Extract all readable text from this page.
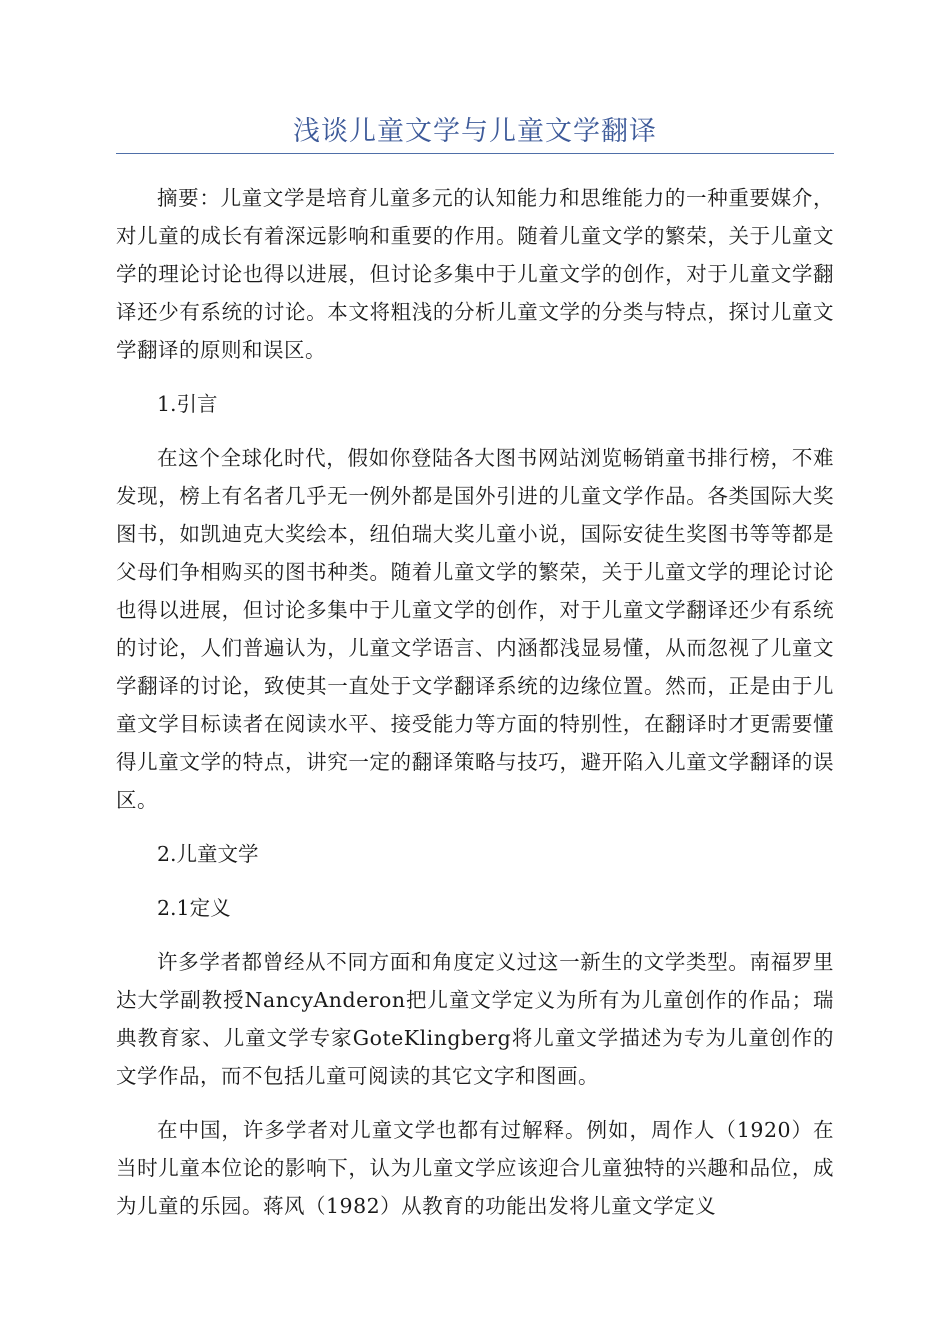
浅谈儿童文学与儿童文学翻译

摘要：儿童文学是培育儿童多元的认知能力和思维能力的一种重要媒介，对儿童的成长有着深远影响和重要的作用。随着儿童文学的繁荣，关于儿童文学的理论讨论也得以进展，但讨论多集中于儿童文学的创作，对于儿童文学翻译还少有系统的讨论。本文将粗浅的分析儿童文学的分类与特点，探讨儿童文学翻译的原则和误区。

1.引言

在这个全球化时代，假如你登陆各大图书网站浏览畅销童书排行榜，不难发现，榜上有名者几乎无一例外都是国外引进的儿童文学作品。各类国际大奖图书，如凯迪克大奖绘本，纽伯瑞大奖儿童小说，国际安徒生奖图书等等都是父母们争相购买的图书种类。随着儿童文学的繁荣，关于儿童文学的理论讨论也得以进展，但讨论多集中于儿童文学的创作，对于儿童文学翻译还少有系统的讨论，人们普遍认为，儿童文学语言、内涵都浅显易懂，从而忽视了儿童文学翻译的讨论，致使其一直处于文学翻译系统的边缘位置。然而，正是由于儿童文学目标读者在阅读水平、接受能力等方面的特别性，在翻译时才更需要懂得儿童文学的特点，讲究一定的翻译策略与技巧，避开陷入儿童文学翻译的误区。

2.儿童文学

2.1定义

许多学者都曾经从不同方面和角度定义过这一新生的文学类型。南福罗里达大学副教授NancyAnderon把儿童文学定义为所有为儿童创作的作品；瑞典教育家、儿童文学专家GoteKlingberg将儿童文学描述为专为儿童创作的文学作品，而不包括儿童可阅读的其它文字和图画。

在中国，许多学者对儿童文学也都有过解释。例如，周作人（1920）在当时儿童本位论的影响下，认为儿童文学应该迎合儿童独特的兴趣和品位，成为儿童的乐园。蒋风（1982）从教育的功能出发将儿童文学定义
